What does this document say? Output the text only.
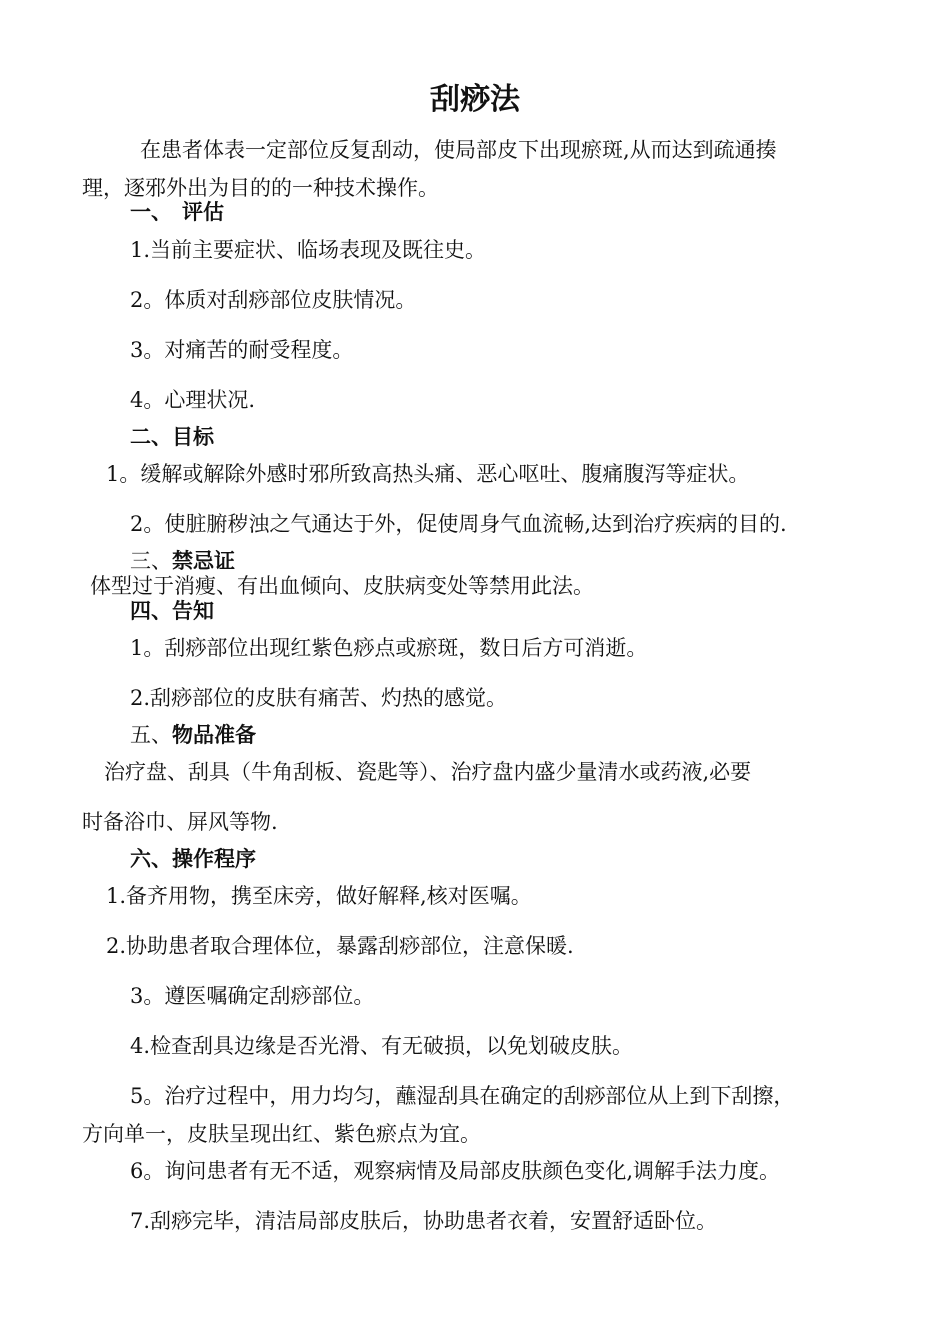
刮痧法
在患者体表一定部位反复刮动，使局部皮下出现瘀斑,从而达到疏通揍
理，逐邪外出为目的的一种技术操作。
一、 评估
1.当前主要症状、临场表现及既往史。
2。体质对刮痧部位皮肤情况。
3。对痛苦的耐受程度。
4。心理状况.
二、目标
1。缓解或解除外感时邪所致高热头痛、恶心呕吐、腹痛腹泻等症状。
2。使脏腑秽浊之气通达于外，促使周身气血流畅,达到治疗疾病的目的.
三、禁忌证
体型过于消瘦、有出血倾向、皮肤病变处等禁用此法。
四、告知
1。刮痧部位出现红紫色痧点或瘀斑，数日后方可消逝。
2.刮痧部位的皮肤有痛苦、灼热的感觉。
五、物品准备
治疗盘、刮具（牛角刮板、瓷匙等）、治疗盘内盛少量清水或药液,必要
时备浴巾、屏风等物.
六、操作程序
1.备齐用物，携至床旁，做好解释,核对医嘱。
2.协助患者取合理体位，暴露刮痧部位，注意保暖.
3。遵医嘱确定刮痧部位。
4.检查刮具边缘是否光滑、有无破损，以免划破皮肤。
5。治疗过程中，用力均匀，蘸湿刮具在确定的刮痧部位从上到下刮擦，
方向单一，皮肤呈现出红、紫色瘀点为宜。
6。询问患者有无不适，观察病情及局部皮肤颜色变化,调解手法力度。
7.刮痧完毕，清洁局部皮肤后，协助患者衣着，安置舒适卧位。
